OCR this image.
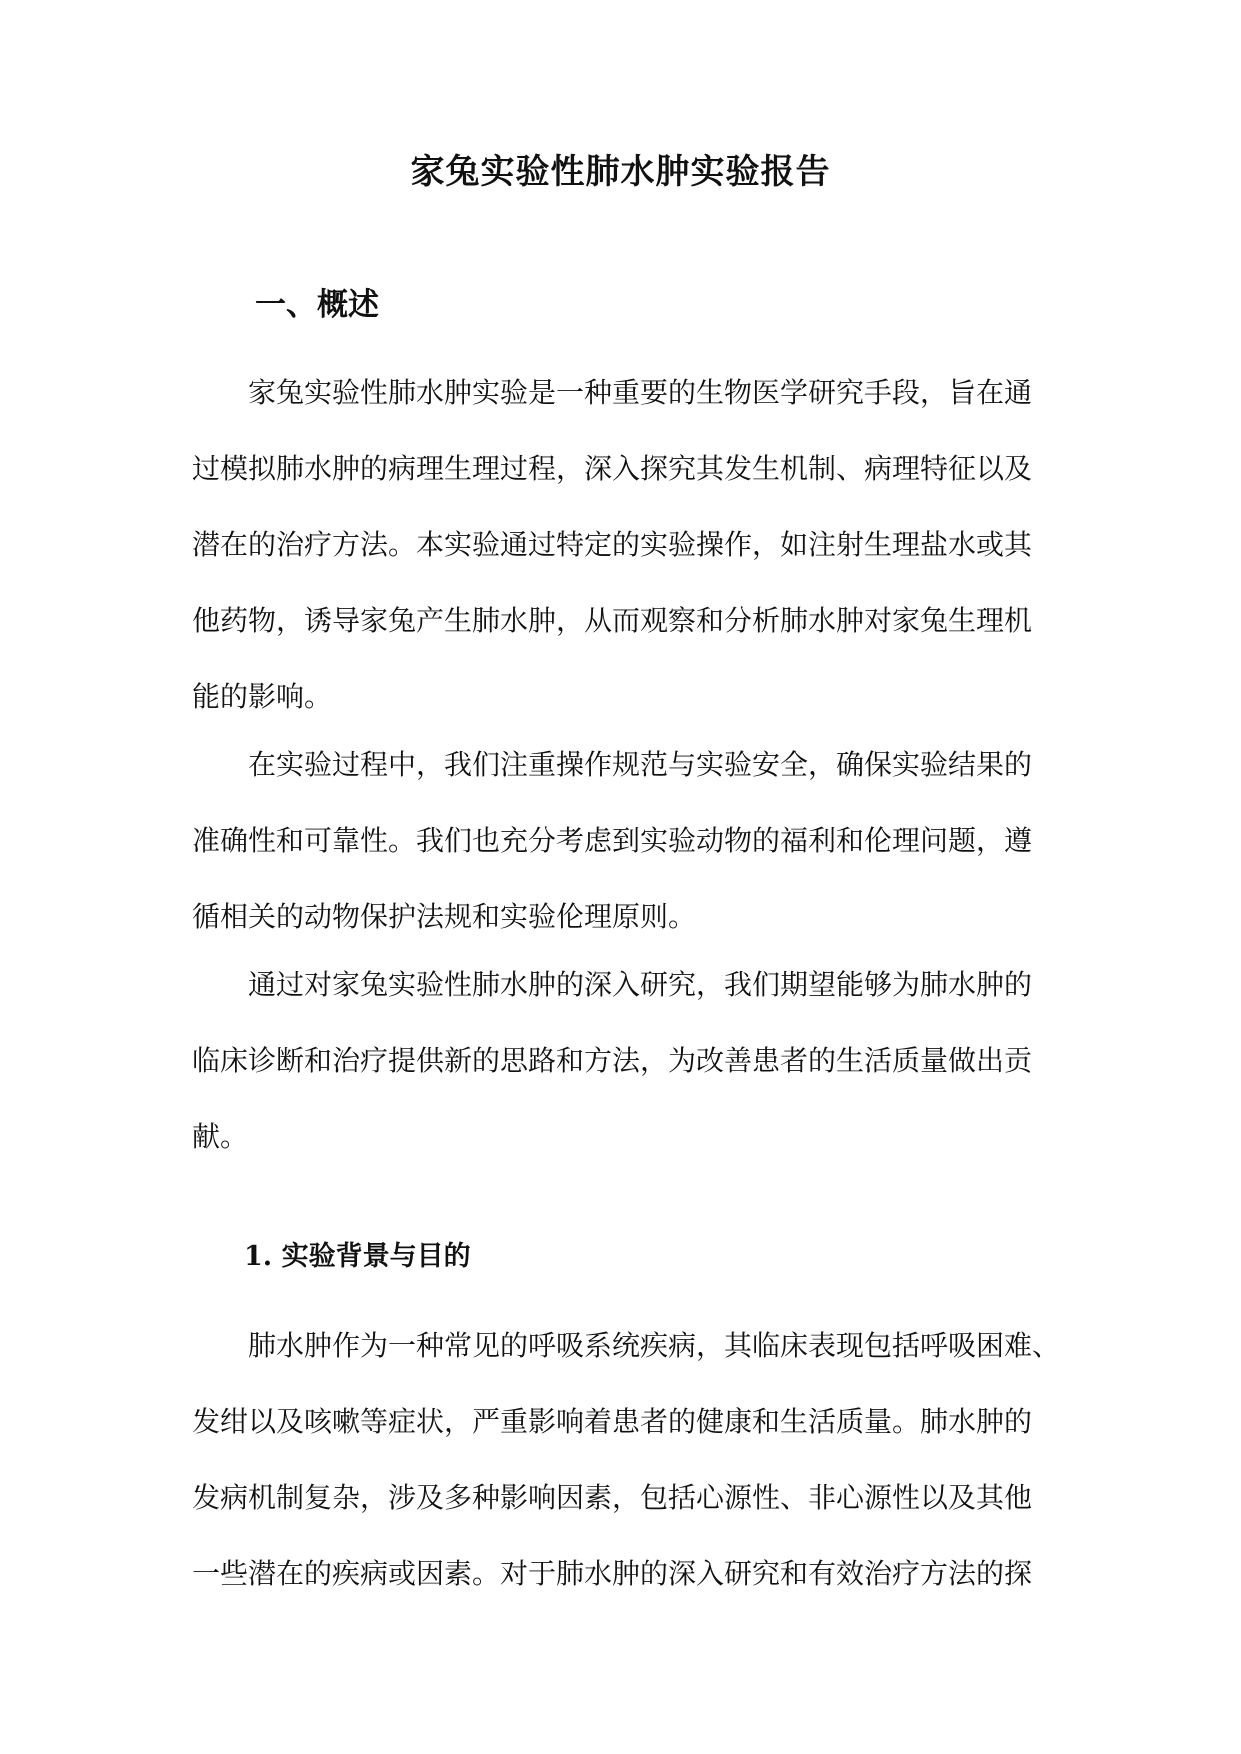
家兔实验性肺水肿实验报告
一、概述
家兔实验性肺水肿实验是一种重要的生物医学研究手段，旨在通
过模拟肺水肿的病理生理过程，深入探究其发生机制、病理特征以及
潜在的治疗方法。本实验通过特定的实验操作，如注射生理盐水或其
他药物，诱导家兔产生肺水肿，从而观察和分析肺水肿对家兔生理机
能的影响。
在实验过程中，我们注重操作规范与实验安全，确保实验结果的
准确性和可靠性。我们也充分考虑到实验动物的福利和伦理问题，遵
循相关的动物保护法规和实验伦理原则。
通过对家兔实验性肺水肿的深入研究，我们期望能够为肺水肿的
临床诊断和治疗提供新的思路和方法，为改善患者的生活质量做出贡
献。
1. 实验背景与目的
肺水肿作为一种常见的呼吸系统疾病，其临床表现包括呼吸困难、
发绀以及咳嗽等症状，严重影响着患者的健康和生活质量。肺水肿的
发病机制复杂，涉及多种影响因素，包括心源性、非心源性以及其他
一些潜在的疾病或因素。对于肺水肿的深入研究和有效治疗方法的探
